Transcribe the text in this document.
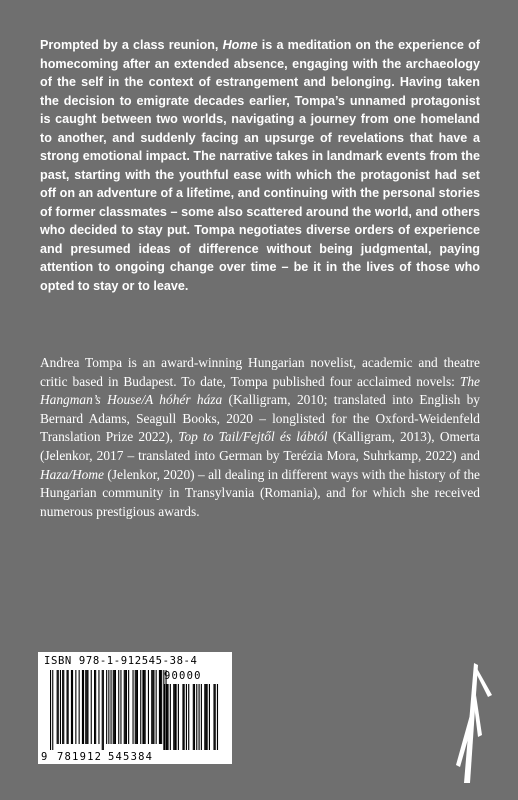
Prompted by a class reunion, Home is a meditation on the experience of homecoming after an extended absence, engaging with the archaeology of the self in the context of estrangement and belonging. Having taken the decision to emigrate decades earlier, Tompa’s unnamed protagonist is caught between two worlds, navigating a journey from one homeland to another, and suddenly facing an upsurge of revelations that have a strong emotional impact. The narrative takes in landmark events from the past, starting with the youthful ease with which the protagonist had set off on an adventure of a lifetime, and continuing with the personal stories of former classmates – some also scattered around the world, and others who decided to stay put. Tompa negotiates diverse orders of experience and presumed ideas of difference without being judgmental, paying attention to ongoing change over time – be it in the lives of those who opted to stay or to leave.

Andrea Tompa is an award-winning Hungarian novelist, academic and theatre critic based in Budapest. To date, Tompa published four acclaimed novels: The Hangman’s House/A hóhér háza (Kalligram, 2010; translated into English by Bernard Adams, Seagull Books, 2020 – longlisted for the Oxford-Weidenfeld Translation Prize 2022), Top to Tail/Fejtől és lábtól (Kalligram, 2013), Omerta (Jelenkor, 2017 – translated into German by Terézia Mora, Suhrkamp, 2022) and Haza/Home (Jelenkor, 2020) – all dealing in different ways with the history of the Hungarian community in Transylvania (Romania), and for which she received numerous prestigious awards.

ISBN 978-1-912545-38-4
9 781912 545384
90000
